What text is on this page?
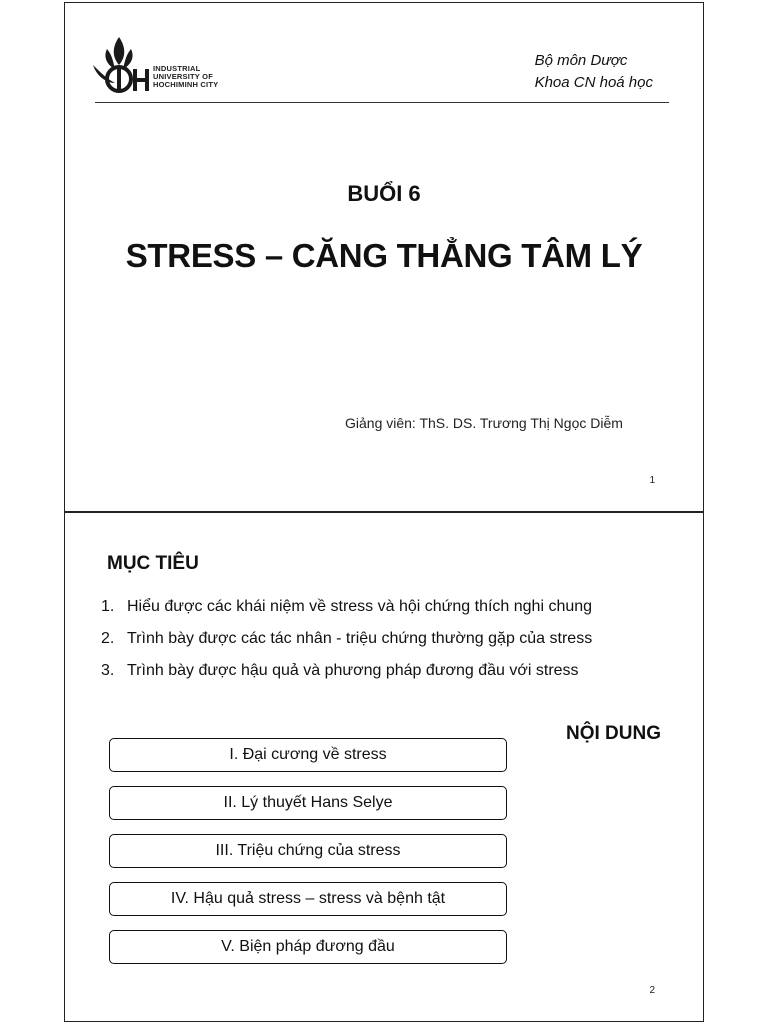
INDUSTRIAL
UNIVERSITY OF
HOCHIMINH CITY
Bộ môn Dược
Khoa CN hoá học
BUỔI 6
STRESS – CĂNG THẲNG TÂM LÝ
Giảng viên: ThS. DS. Trương Thị Ngọc Diễm
1
MỤC TIÊU
1. Hiểu được các khái niệm về stress và hội chứng thích nghi chung
2. Trình bày được các tác nhân - triệu chứng thường gặp của stress
3. Trình bày được hậu quả và phương pháp đương đầu với stress
NỘI DUNG
I. Đại cương về stress
II. Lý thuyết Hans Selye
III. Triệu chứng của stress
IV. Hậu quả stress – stress và bệnh tật
V. Biện pháp đương đầu
2
